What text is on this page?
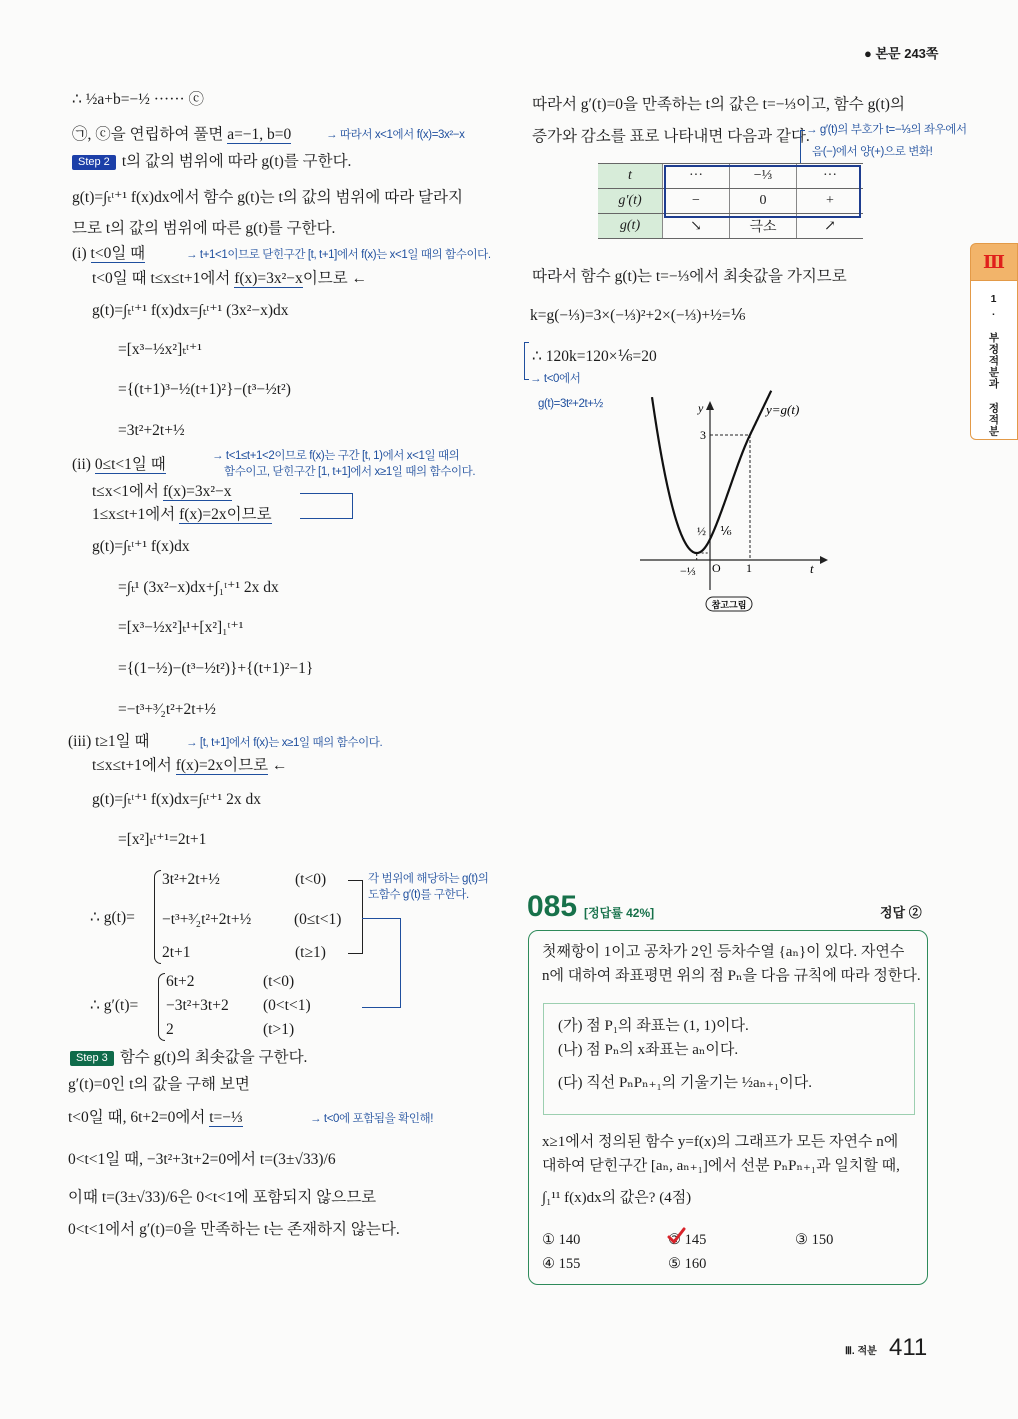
● 본문 243쪽
∴ ½a+b=−½ ······ ⓒ
㉠, ⓒ을 연립하여 풀면 a=−1, b=0	→ 따라서 x<1에서 f(x)=3x²−x
Step 2 t의 값의 범위에 따라 g(t)를 구한다.
g(t)=∫ₜᵗ⁺¹ f(x)dx에서 함수 g(t)는 t의 값의 범위에 따라 달라지
므로 t의 값의 범위에 따른 g(t)를 구한다.
(i) t<0일 때	→ t+1<1이므로 닫힌구간 [t, t+1]에서 f(x)는 x<1일 때의 함수이다.
t<0일 때 t≤x≤t+1에서 f(x)=3x²−x이므로 ←
g(t)=∫ₜᵗ⁺¹ f(x)dx=∫ₜᵗ⁺¹ (3x²−x)dx
=[x³−½x²]ₜᵗ⁺¹
={(t+1)³−½(t+1)²}−(t³−½t²)
=3t²+2t+½
(ii) 0≤t<1일 때	→ t<1≤t+1<2이므로 f(x)는 구간 [t, 1)에서 x<1일 때의
함수이고, 닫힌구간 [1, t+1]에서 x≥1일 때의 함수이다.
t≤x<1에서 f(x)=3x²−x
1≤x≤t+1에서 f(x)=2x이므로
g(t)=∫ₜᵗ⁺¹ f(x)dx
=∫ₜ¹ (3x²−x)dx+∫₁ᵗ⁺¹ 2x dx
=[x³−½x²]ₜ¹+[x²]₁ᵗ⁺¹
={(1−½)−(t³−½t²)}+{(t+1)²−1}
=−t³+³⁄₂t²+2t+½
(iii) t≥1일 때	→ [t, t+1]에서 f(x)는 x≥1일 때의 함수이다.
t≤x≤t+1에서 f(x)=2x이므로 ←
g(t)=∫ₜᵗ⁺¹ f(x)dx=∫ₜᵗ⁺¹ 2x dx
=[x²]ₜᵗ⁺¹=2t+1
∴ g(t)=
3t²+2t+½	(t<0)
−t³+³⁄₂t²+2t+½	(0≤t<1)
2t+1	(t≥1)
각 범위에 해당하는 g(t)의
도함수 g′(t)를 구한다.
∴ g′(t)=
6t+2	(t<0)
−3t²+3t+2 (0<t<1)
2	(t>1)
Step 3 함수 g(t)의 최솟값을 구한다.
g′(t)=0인 t의 값을 구해 보면
t<0일 때, 6t+2=0에서 t=−⅓	→ t<0에 포함됨을 확인해!
0<t<1일 때, −3t²+3t+2=0에서 t=(3±√33)/6
이때 t=(3±√33)/6은 0<t<1에 포함되지 않으므로
0<t<1에서 g′(t)=0을 만족하는 t는 존재하지 않는다.
따라서 g′(t)=0을 만족하는 t의 값은 t=−⅓이고, 함수 g(t)의
증가와 감소를 표로 나타내면 다음과 같다.
→ g′(t)의 부호가 t=−⅓의 좌우에서
음(−)에서 양(+)으로 변화!
t	···	−⅓	···
g′(t)	−	0	+
g(t)	↘	극소	↗
따라서 함수 g(t)는 t=−⅓에서 최솟값을 가지므로
k=g(−⅓)=3×(−⅓)²+2×(−⅓)+½=⅙
∴ 120k=120×⅙=20
→ t<0에서
g(t)=3t²+2t+½	y
t
y=g(t)
O 1
3
−⅓
½ ⅙
참고그림
085 [정답률 42%]	정답 ②
첫째항이 1이고 공차가 2인 등차수열 {aₙ}이 있다. 자연수
n에 대하여 좌표평면 위의 점 Pₙ을 다음 규칙에 따라 정한다.
(가) 점 P₁의 좌표는 (1, 1)이다.
(나) 점 Pₙ의 x좌표는 aₙ이다.
(다) 직선 PₙPₙ₊₁의 기울기는 ½aₙ₊₁이다.
x≥1에서 정의된 함수 y=f(x)의 그래프가 모든 자연수 n에
대하여 닫힌구간 [aₙ, aₙ₊₁]에서 선분 PₙPₙ₊₁과 일치할 때,
∫₁¹¹ f(x)dx의 값은? (4점)
① 140	② 145	③ 150
④ 155	⑤ 160
Ⅲ
1. 부정적분과 정적분
Ⅲ. 적분 411
